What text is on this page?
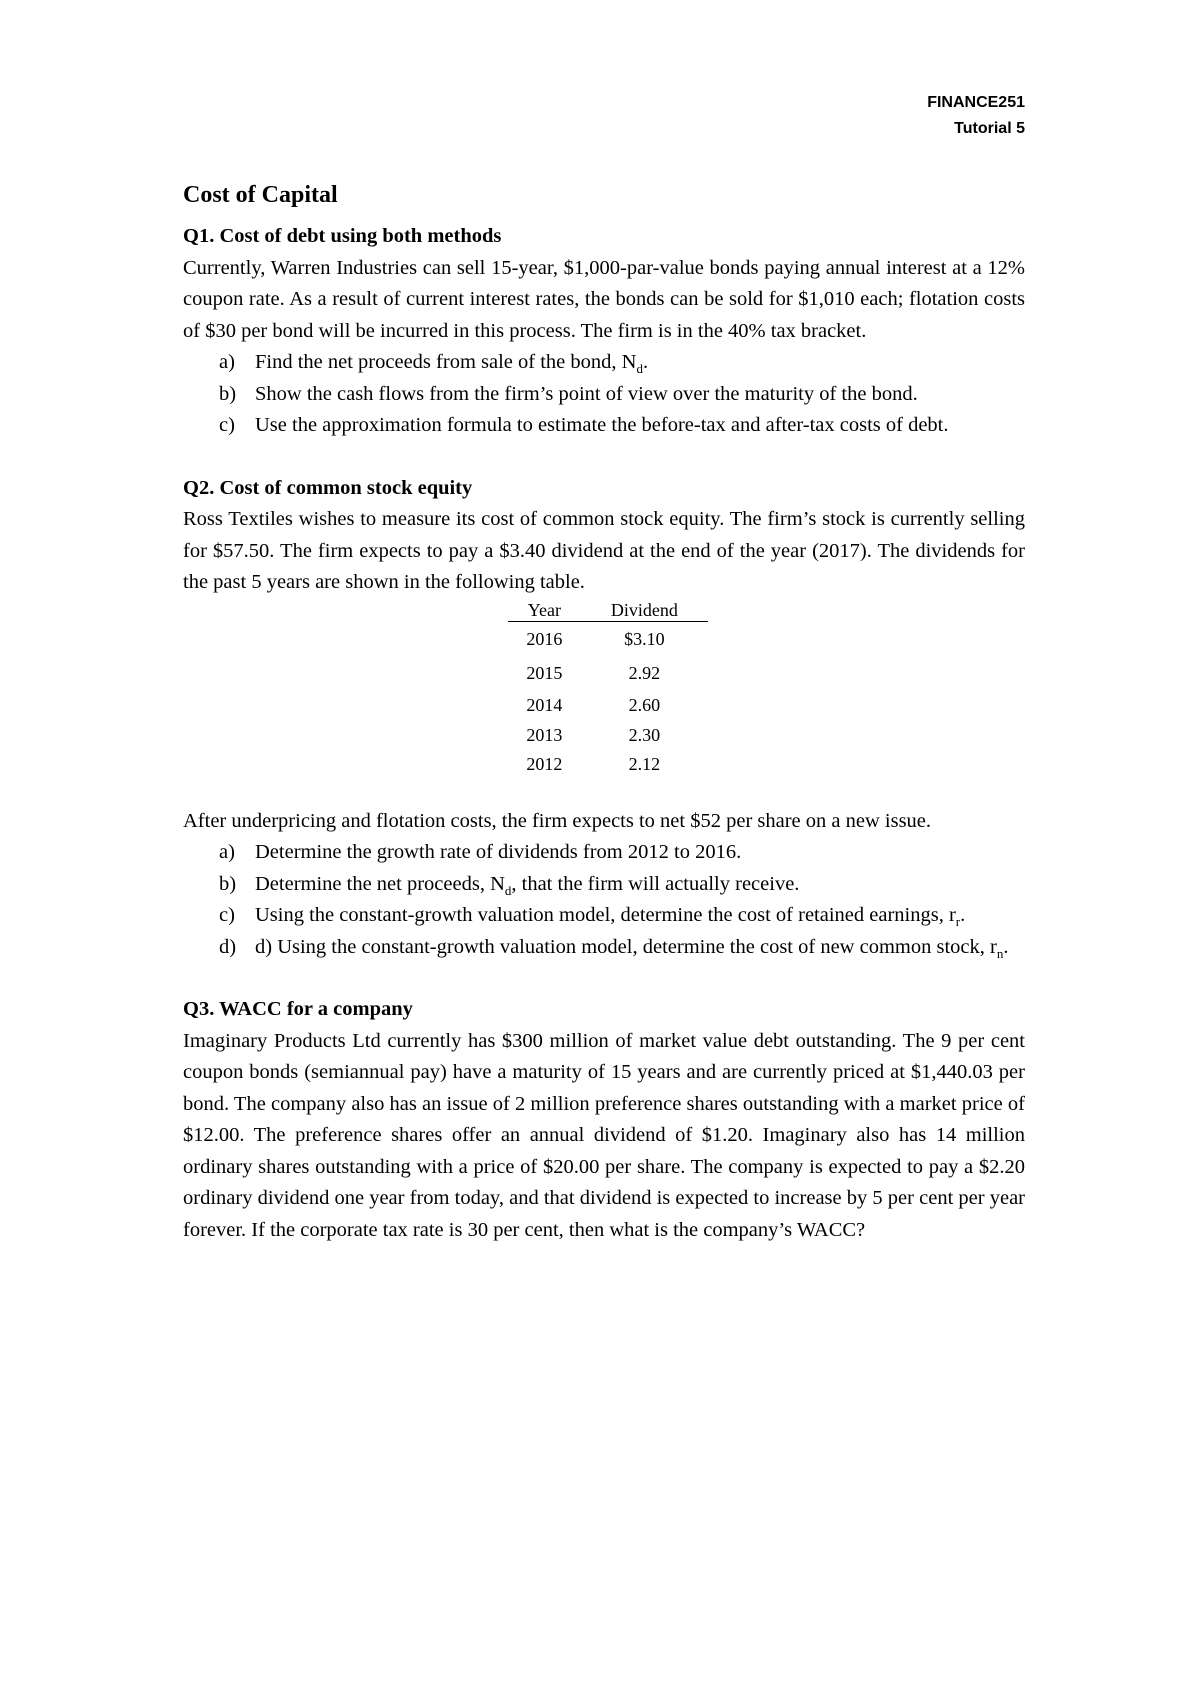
FINANCE251
Tutorial 5
Cost of Capital
Q1. Cost of debt using both methods

Currently, Warren Industries can sell 15-year, $1,000-par-value bonds paying annual interest at a 12% coupon rate. As a result of current interest rates, the bonds can be sold for $1,010 each; flotation costs of $30 per bond will be incurred in this process. The firm is in the 40% tax bracket.

a) Find the net proceeds from sale of the bond, $N_d$.
b) Show the cash flows from the firm’s point of view over the maturity of the bond.
c) Use the approximation formula to estimate the before-tax and after-tax costs of debt.
Q2. Cost of common stock equity

Ross Textiles wishes to measure its cost of common stock equity. The firm’s stock is currently selling for $57.50. The firm expects to pay a $3.40 dividend at the end of the year (2017). The dividends for the past 5 years are shown in the following table.

Year	Dividend
2016	$3.10
2015	2.92
2014	2.60
2013	2.30
2012	2.12

After underpricing and flotation costs, the firm expects to net $52 per share on a new issue.

a) Determine the growth rate of dividends from 2012 to 2016.
b) Determine the net proceeds, $N_d$, that the firm will actually receive.
c) Using the constant-growth valuation model, determine the cost of retained earnings, $r_r$.
d) d) Using the constant-growth valuation model, determine the cost of new common stock, $r_n$.
Q3. WACC for a company

Imaginary Products Ltd currently has $300 million of market value debt outstanding. The 9 per cent coupon bonds (semiannual pay) have a maturity of 15 years and are currently priced at $1,440.03 per bond. The company also has an issue of 2 million preference shares outstanding with a market price of $12.00. The preference shares offer an annual dividend of $1.20. Imaginary also has 14 million ordinary shares outstanding with a price of $20.00 per share. The company is expected to pay a $2.20 ordinary dividend one year from today, and that dividend is expected to increase by 5 per cent per year forever. If the corporate tax rate is 30 per cent, then what is the company’s WACC?
